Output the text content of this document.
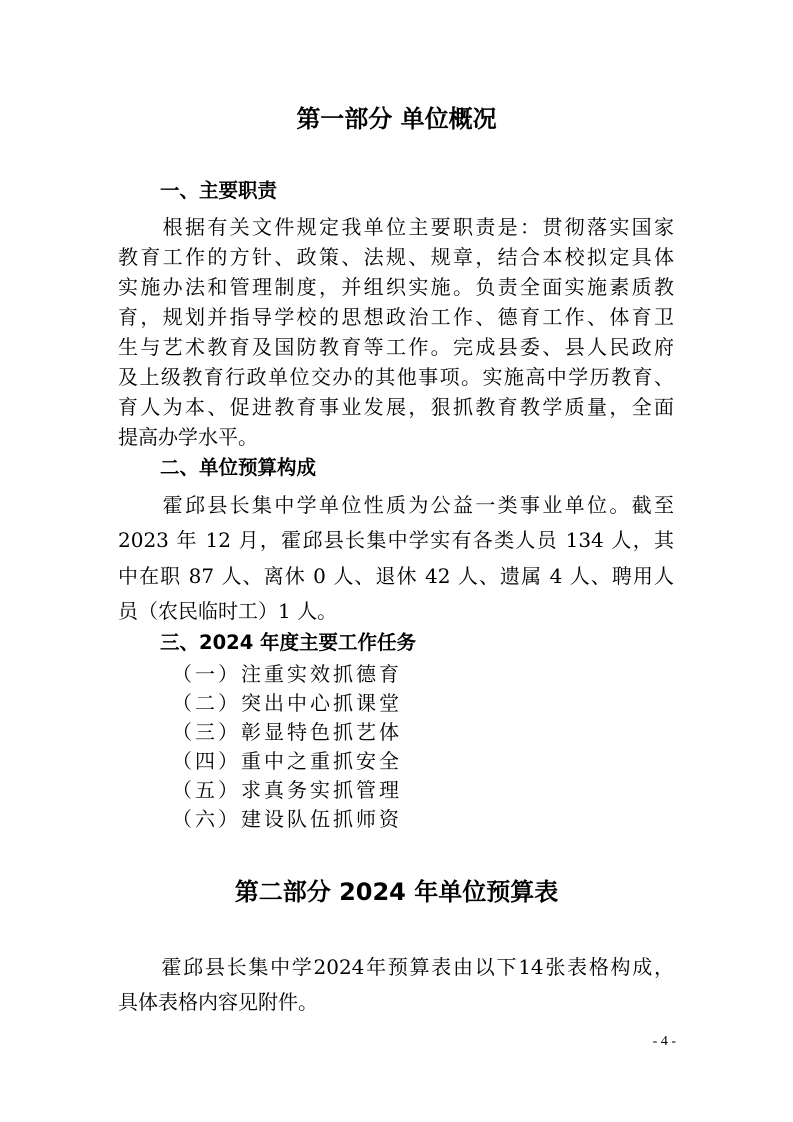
第一部分 单位概况
一、主要职责
　　根据有关文件规定我单位主要职责是：贯彻落实国家
教育工作的方针、政策、法规、规章，结合本校拟定具体
实施办法和管理制度，并组织实施。负责全面实施素质教
育，规划并指导学校的思想政治工作、德育工作、体育卫
生与艺术教育及国防教育等工作。完成县委、县人民政府
及上级教育行政单位交办的其他事项。实施高中学历教育、
育人为本、促进教育事业发展，狠抓教育教学质量，全面
提高办学水平。
二、单位预算构成
　　霍邱县长集中学单位性质为公益一类事业单位。截至
2023 年 12 月，霍邱县长集中学实有各类人员 134 人，其
中在职 87 人、离休 0 人、退休 42 人、遗属 4 人、聘用人
员（农民临时工）1 人。
三、2024 年度主要工作任务
（一）注重实效抓德育
（二）突出中心抓课堂
（三）彰显特色抓艺体
（四）重中之重抓安全
（五）求真务实抓管理
（六）建设队伍抓师资
第二部分 2024 年单位预算表
　　霍邱县长集中学2024年预算表由以下14张表格构成，
具体表格内容见附件。
- 4 -
